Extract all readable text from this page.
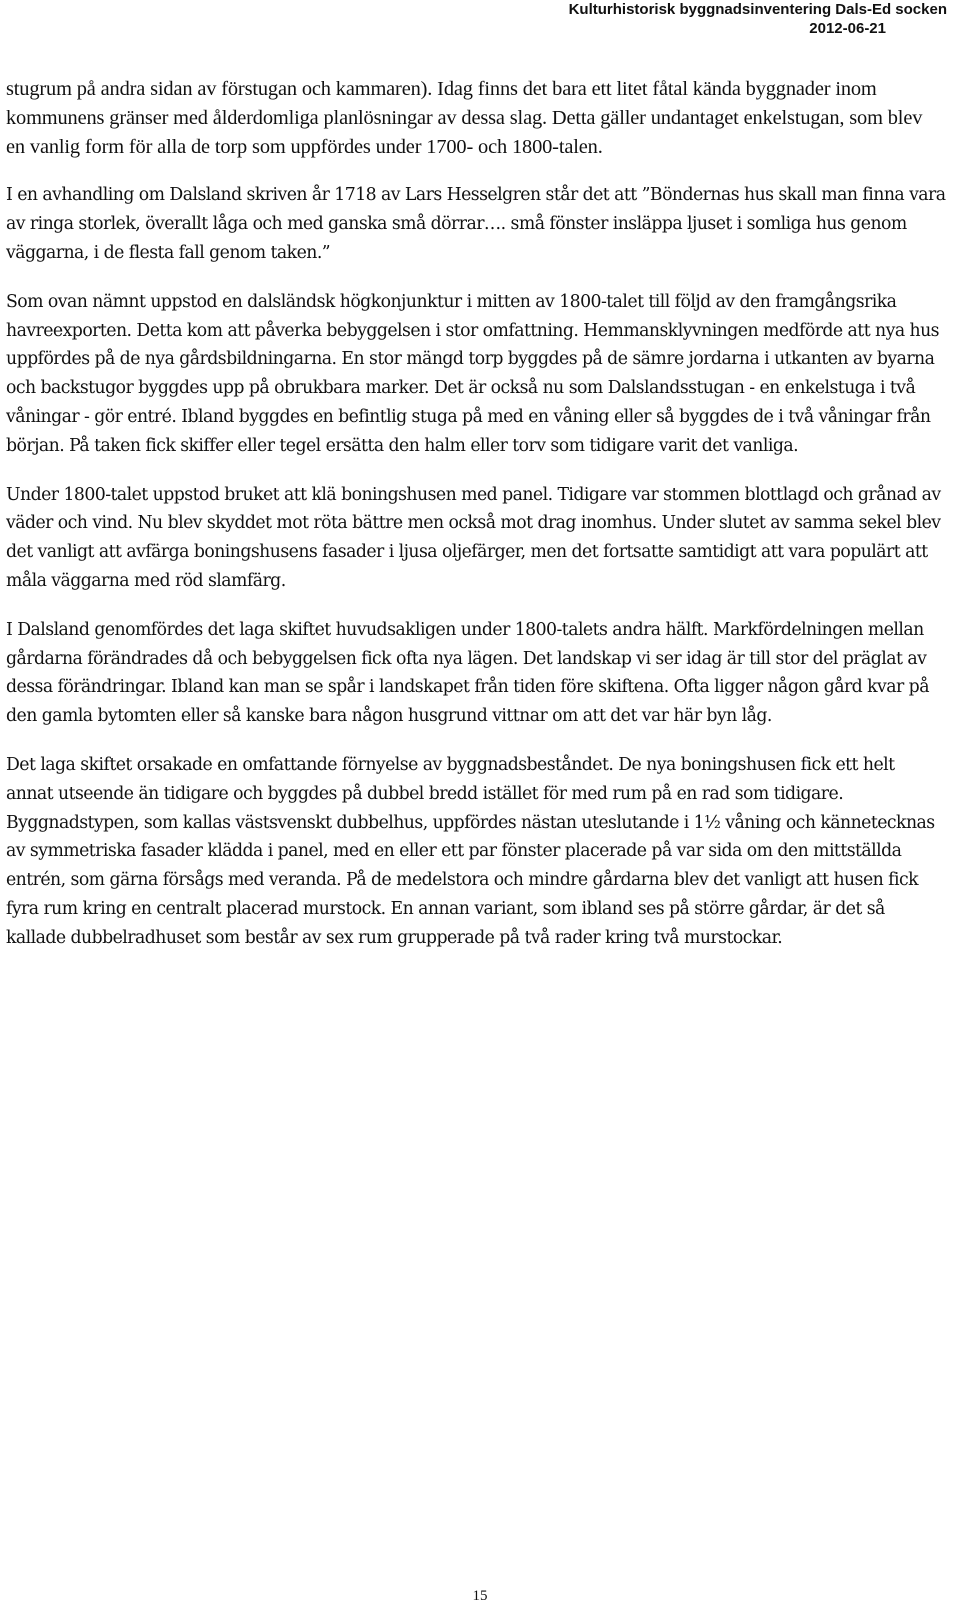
Kulturhistorisk byggnadsinventering Dals-Ed socken
2012-06-21

stugrum på andra sidan av förstugan och kammaren). Idag finns det bara ett litet fåtal kända byggnader inom kommunens gränser med ålderdomliga planlösningar av dessa slag. Detta gäller undantaget enkelstugan, som blev en vanlig form för alla de torp som uppfördes under 1700- och 1800-talen.

I en avhandling om Dalsland skriven år 1718 av Lars Hesselgren står det att ”Böndernas hus skall man finna vara av ringa storlek, överallt låga och med ganska små dörrar…. små fönster insläppa ljuset i somliga hus genom väggarna, i de flesta fall genom taken.”

Som ovan nämnt uppstod en dalsländsk högkonjunktur i mitten av 1800-talet till följd av den framgångsrika havreexporten. Detta kom att påverka bebyggelsen i stor omfattning. Hemmansklyvningen medförde att nya hus uppfördes på de nya gårdsbildningarna. En stor mängd torp byggdes på de sämre jordarna i utkanten av byarna och backstugor byggdes upp på obrukbara marker. Det är också nu som Dalslandsstugan - en enkelstuga i två våningar - gör entré. Ibland byggdes en befintlig stuga på med en våning eller så byggdes de i två våningar från början. På taken fick skiffer eller tegel ersätta den halm eller torv som tidigare varit det vanliga.

Under 1800-talet uppstod bruket att klä boningshusen med panel. Tidigare var stommen blottlagd och grånad av väder och vind. Nu blev skyddet mot röta bättre men också mot drag inomhus. Under slutet av samma sekel blev det vanligt att avfärga boningshusens fasader i ljusa oljefärger, men det fortsatte samtidigt att vara populärt att måla väggarna med röd slamfärg.

I Dalsland genomfördes det laga skiftet huvudsakligen under 1800-talets andra hälft. Markfördelningen mellan gårdarna förändrades då och bebyggelsen fick ofta nya lägen. Det landskap vi ser idag är till stor del präglat av dessa förändringar. Ibland kan man se spår i landskapet från tiden före skiftena. Ofta ligger någon gård kvar på den gamla bytomten eller så kanske bara någon husgrund vittnar om att det var här byn låg.

Det laga skiftet orsakade en omfattande förnyelse av byggnadsbeståndet. De nya boningshusen fick ett helt annat utseende än tidigare och byggdes på dubbel bredd istället för med rum på en rad som tidigare. Byggnadstypen, som kallas västsvenskt dubbelhus, uppfördes nästan uteslutande i 1½ våning och kännetecknas av symmetriska fasader klädda i panel, med en eller ett par fönster placerade på var sida om den mittställda entrén, som gärna försågs med veranda. På de medelstora och mindre gårdarna blev det vanligt att husen fick fyra rum kring en centralt placerad murstock. En annan variant, som ibland ses på större gårdar, är det så kallade dubbelradhuset som består av sex rum grupperade på två rader kring två murstockar.

15
